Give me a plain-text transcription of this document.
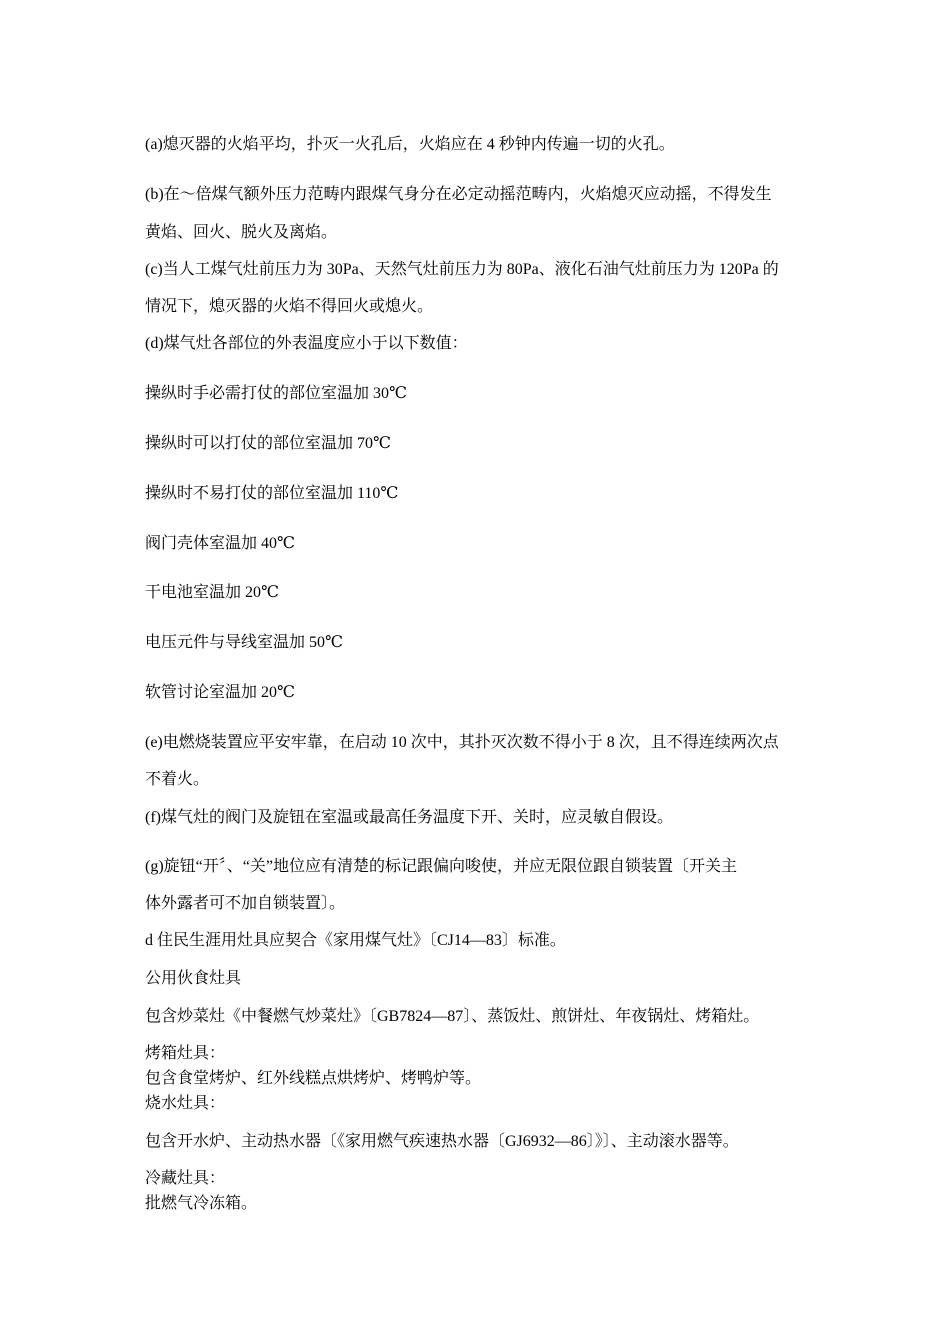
(a)熄灭器的火焰平均，扑灭一火孔后，火焰应在 4 秒钟内传遍一切的火孔。
(b)在～倍煤气额外压力范畴内跟煤气身分在必定动摇范畴内，火焰熄灭应动摇，不得发生
黄焰、回火、脱火及离焰。
(c)当人工煤气灶前压力为 30Pa、天然气灶前压力为 80Pa、液化石油气灶前压力为 120Pa 的
情况下，熄灭器的火焰不得回火或熄火。
(d)煤气灶各部位的外表温度应小于以下数值：
操纵时手必需打仗的部位室温加 30℃
操纵时可以打仗的部位室温加 70℃
操纵时不易打仗的部位室温加 110℃
阀门壳体室温加 40℃
干电池室温加 20℃
电压元件与导线室温加 50℃
软管讨论室温加 20℃
(e)电燃烧装置应平安牢靠，在启动 10 次中，其扑灭次数不得小于 8 次，且不得连续两次点
不着火。
(f)煤气灶的阀门及旋钮在室温或最高任务温度下开、关时，应灵敏自假设。
(g)旋钮“开〞、“关”地位应有清楚的标记跟偏向唆使，并应无限位跟自锁装置〔开关主
体外露者可不加自锁装置〕。
d 住民生涯用灶具应契合《家用煤气灶》〔CJ14—83〕标准。
公用伙食灶具
包含炒菜灶《中餐燃气炒菜灶》〔GB7824—87〕、蒸饭灶、煎饼灶、年夜锅灶、烤箱灶。
烤箱灶具：
包含食堂烤炉、红外线糕点烘烤炉、烤鸭炉等。
烧水灶具：
包含开水炉、主动热水器〔《家用燃气疾速热水器〔GJ6932—86〕》〕、主动滚水器等。
冷藏灶具：
批燃气冷冻箱。
